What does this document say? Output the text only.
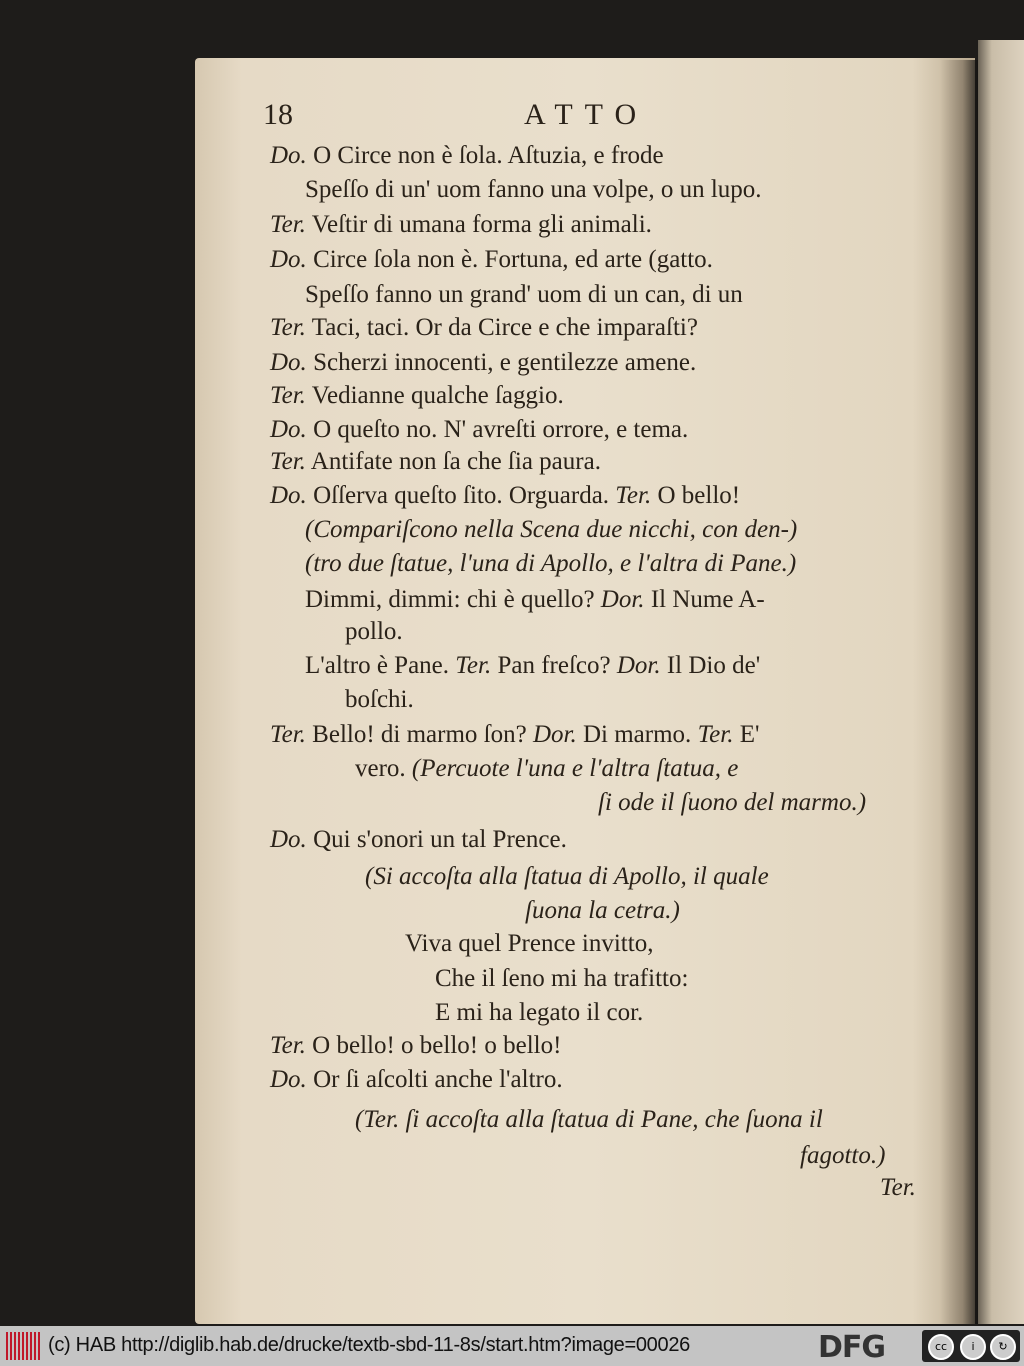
18	ATTO
Do. O Circe non è ſola. Aſtuzia, e frode
Speſſo di un' uom fanno una volpe, o un lupo.
Ter. Veſtir di umana forma gli animali.
Do. Circe ſola non è. Fortuna, ed arte (gatto.
Speſſo fanno un grand' uom di un can, di un
Ter. Taci, taci. Or da Circe e che imparaſti?
Do. Scherzi innocenti, e gentilezze amene.
Ter. Vedianne qualche ſaggio.
Do. O queſto no. N' avreſti orrore, e tema.
Ter. Antifate non ſa che ſia paura.
Do. Oſſerva queſto ſito. Orguarda. Ter. O bello!
(Compariſcono nella Scena due nicchi, con den-)
(tro due ſtatue, l'una di Apollo, e l'altra di Pane.)
Dimmi, dimmi: chi è quello? Dor. Il Nume A-
pollo.
L'altro è Pane. Ter. Pan freſco? Dor. Il Dio de'
boſchi.
Ter. Bello! di marmo ſon? Dor. Di marmo. Ter. E'
vero. (Percuote l'una e l'altra ſtatua, e
ſi ode il ſuono del marmo.)
Do. Qui s'onori un tal Prence.
(Si accoſta alla ſtatua di Apollo, il quale
ſuona la cetra.)
Viva quel Prence invitto,
Che il ſeno mi ha trafitto:
E mi ha legato il cor.
Ter. O bello! o bello! o bello!
Do. Or ſi aſcolti anche l'altro.
(Ter. ſi accoſta alla ſtatua di Pane, che ſuona il
fagotto.)
Ter.
(c) HAB http://diglib.hab.de/drucke/textb-sbd-11-8s/start.htm?image=00026	DFG	cc	i	↻
